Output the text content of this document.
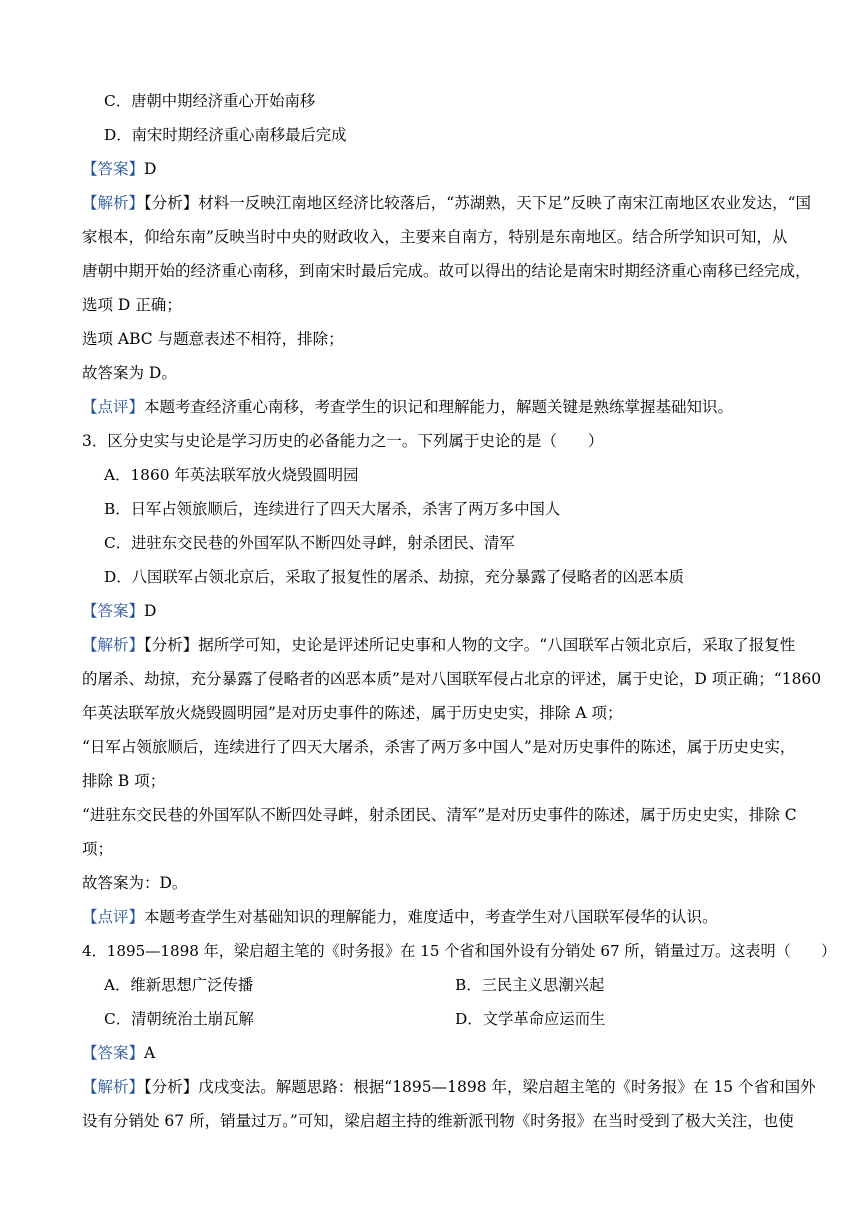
C．唐朝中期经济重心开始南移
D．南宋时期经济重心南移最后完成
【答案】D
【解析】【分析】材料一反映江南地区经济比较落后，“苏湖熟，天下足”反映了南宋江南地区农业发达，“国
家根本，仰给东南”反映当时中央的财政收入，主要来自南方，特别是东南地区。结合所学知识可知，从
唐朝中期开始的经济重心南移，到南宋时最后完成。故可以得出的结论是南宋时期经济重心南移已经完成，
选项 D 正确；
选项 ABC 与题意表述不相符，排除；
故答案为 D。
【点评】本题考查经济重心南移，考查学生的识记和理解能力，解题关键是熟练掌握基础知识。
3．区分史实与史论是学习历史的必备能力之一。下列属于史论的是（　　）
A．1860 年英法联军放火烧毁圆明园
B．日军占领旅顺后，连续进行了四天大屠杀，杀害了两万多中国人
C．进驻东交民巷的外国军队不断四处寻衅，射杀团民、清军
D．八国联军占领北京后，采取了报复性的屠杀、劫掠，充分暴露了侵略者的凶恶本质
【答案】D
【解析】【分析】据所学可知，史论是评述所记史事和人物的文字。“八国联军占领北京后，采取了报复性
的屠杀、劫掠，充分暴露了侵略者的凶恶本质”是对八国联军侵占北京的评述，属于史论，D 项正确；“1860
年英法联军放火烧毁圆明园”是对历史事件的陈述，属于历史史实，排除 A 项；
“日军占领旅顺后，连续进行了四天大屠杀，杀害了两万多中国人”是对历史事件的陈述，属于历史史实，
排除 B 项；
“进驻东交民巷的外国军队不断四处寻衅，射杀团民、清军”是对历史事件的陈述，属于历史史实，排除 C
项；
故答案为：D。
【点评】本题考查学生对基础知识的理解能力，难度适中，考查学生对八国联军侵华的认识。
4．1895—1898 年，梁启超主笔的《时务报》在 15 个省和国外设有分销处 67 所，销量过万。这表明（　　）
A．维新思想广泛传播	B．三民主义思潮兴起
C．清朝统治土崩瓦解	D．文学革命应运而生
【答案】A
【解析】【分析】戊戌变法。解题思路：根据“1895—1898 年，梁启超主笔的《时务报》在 15 个省和国外
设有分销处 67 所，销量过万。”可知，梁启超主持的维新派刊物《时务报》在当时受到了极大关注，也使
